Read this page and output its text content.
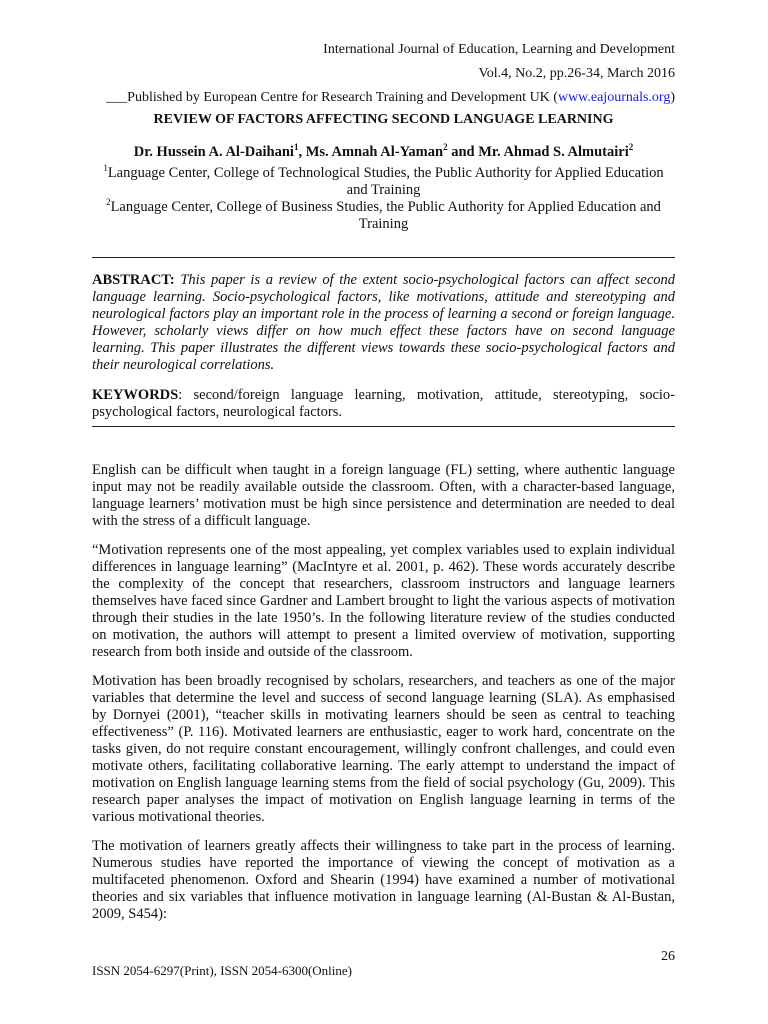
International Journal of Education, Learning and Development
Vol.4, No.2, pp.26-34, March 2016
___Published by European Centre for Research Training and Development UK (www.eajournals.org)
REVIEW OF FACTORS AFFECTING SECOND LANGUAGE LEARNING
Dr. Hussein A. Al-Daihani$^1$, Ms. Amnah Al-Yaman$^2$ and Mr. Ahmad S. Almutairi$^2$
$^1$Language Center, College of Technological Studies, the Public Authority for Applied Education and Training
$^2$Language Center, College of Business Studies, the Public Authority for Applied Education and Training
ABSTRACT: This paper is a review of the extent socio-psychological factors can affect second language learning. Socio-psychological factors, like motivations, attitude and stereotyping and neurological factors play an important role in the process of learning a second or foreign language. However, scholarly views differ on how much effect these factors have on second language learning. This paper illustrates the different views towards these socio-psychological factors and their neurological correlations.
KEYWORDS: second/foreign language learning, motivation, attitude, stereotyping, socio-psychological factors, neurological factors.

English can be difficult when taught in a foreign language (FL) setting, where authentic language input may not be readily available outside the classroom. Often, with a character-based language, language learners’ motivation must be high since persistence and determination are needed to deal with the stress of a difficult language.

“Motivation represents one of the most appealing, yet complex variables used to explain individual differences in language learning” (MacIntyre et al. 2001, p. 462). These words accurately describe the complexity of the concept that researchers, classroom instructors and language learners themselves have faced since Gardner and Lambert brought to light the various aspects of motivation through their studies in the late 1950’s. In the following literature review of the studies conducted on motivation, the authors will attempt to present a limited overview of motivation, supporting research from both inside and outside of the classroom.

Motivation has been broadly recognised by scholars, researchers, and teachers as one of the major variables that determine the level and success of second language learning (SLA). As emphasised by Dornyei (2001), “teacher skills in motivating learners should be seen as central to teaching effectiveness” (P. 116). Motivated learners are enthusiastic, eager to work hard, concentrate on the tasks given, do not require constant encouragement, willingly confront challenges, and could even motivate others, facilitating collaborative learning. The early attempt to understand the impact of motivation on English language learning stems from the field of social psychology (Gu, 2009). This research paper analyses the impact of motivation on English language learning in terms of the various motivational theories.

The motivation of learners greatly affects their willingness to take part in the process of learning. Numerous studies have reported the importance of viewing the concept of motivation as a multifaceted phenomenon. Oxford and Shearin (1994) have examined a number of motivational theories and six variables that influence motivation in language learning (Al-Bustan & Al-Bustan, 2009, S454):

26
ISSN 2054-6297(Print), ISSN 2054-6300(Online)
